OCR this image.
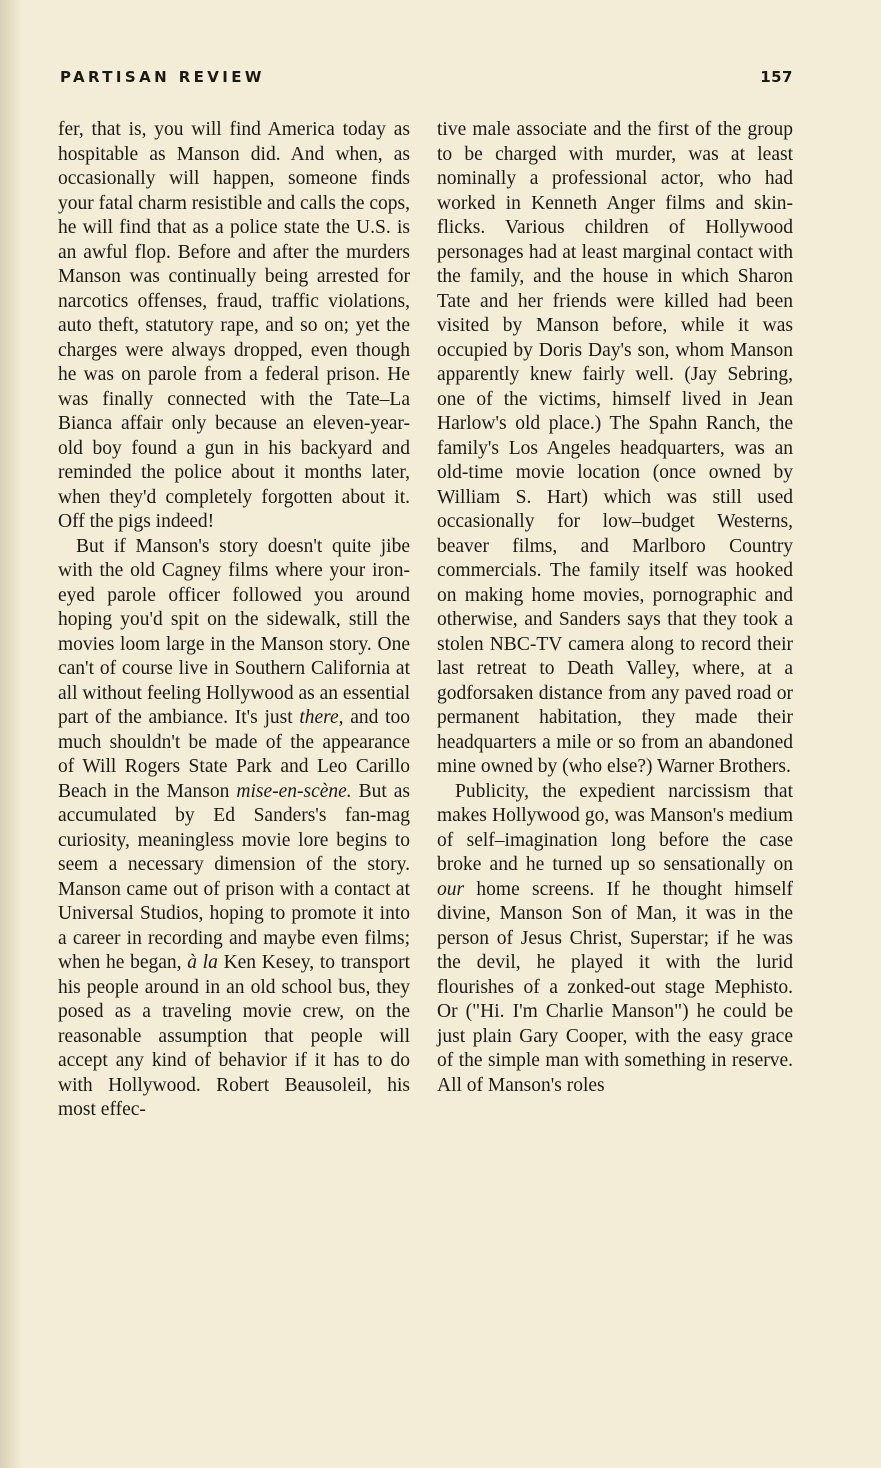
PARTISAN REVIEW	157

fer, that is, you will find America today as hospitable as Manson did. And when, as occasionally will happen, someone finds your fatal charm resistible and calls the cops, he will find that as a police state the U.S. is an awful flop. Before and after the murders Manson was continually being arrested for narcotics offenses, fraud, traffic violations, auto theft, statutory rape, and so on; yet the charges were always dropped, even though he was on parole from a federal prison. He was finally connected with the Tate–La Bianca affair only because an eleven-year-old boy found a gun in his backyard and reminded the police about it months later, when they'd completely forgotten about it. Off the pigs indeed!

But if Manson's story doesn't quite jibe with the old Cagney films where your iron-eyed parole officer followed you around hoping you'd spit on the sidewalk, still the movies loom large in the Manson story. One can't of course live in Southern California at all without feeling Hollywood as an essential part of the ambiance. It's just there, and too much shouldn't be made of the appearance of Will Rogers State Park and Leo Carillo Beach in the Manson mise-en-scène. But as accumulated by Ed Sanders's fan-mag curiosity, meaningless movie lore begins to seem a necessary dimension of the story. Manson came out of prison with a contact at Universal Studios, hoping to promote it into a career in recording and maybe even films; when he began, à la Ken Kesey, to transport his people around in an old school bus, they posed as a traveling movie crew, on the reasonable assumption that people will accept any kind of behavior if it has to do with Hollywood. Robert Beausoleil, his most effec-

tive male associate and the first of the group to be charged with murder, was at least nominally a professional actor, who had worked in Kenneth Anger films and skin-flicks. Various children of Hollywood personages had at least marginal contact with the family, and the house in which Sharon Tate and her friends were killed had been visited by Manson before, while it was occupied by Doris Day's son, whom Manson apparently knew fairly well. (Jay Sebring, one of the victims, himself lived in Jean Harlow's old place.) The Spahn Ranch, the family's Los Angeles headquarters, was an old-time movie location (once owned by William S. Hart) which was still used occasionally for low–budget Westerns, beaver films, and Marlboro Country commercials. The family itself was hooked on making home movies, pornographic and otherwise, and Sanders says that they took a stolen NBC-TV camera along to record their last retreat to Death Valley, where, at a godforsaken distance from any paved road or permanent habitation, they made their headquarters a mile or so from an abandoned mine owned by (who else?) Warner Brothers.

Publicity, the expedient narcissism that makes Hollywood go, was Manson's medium of self–imagination long before the case broke and he turned up so sensationally on our home screens. If he thought himself divine, Manson Son of Man, it was in the person of Jesus Christ, Superstar; if he was the devil, he played it with the lurid flourishes of a zonked-out stage Mephisto. Or ("Hi. I'm Charlie Manson") he could be just plain Gary Cooper, with the easy grace of the simple man with something in reserve. All of Manson's roles
